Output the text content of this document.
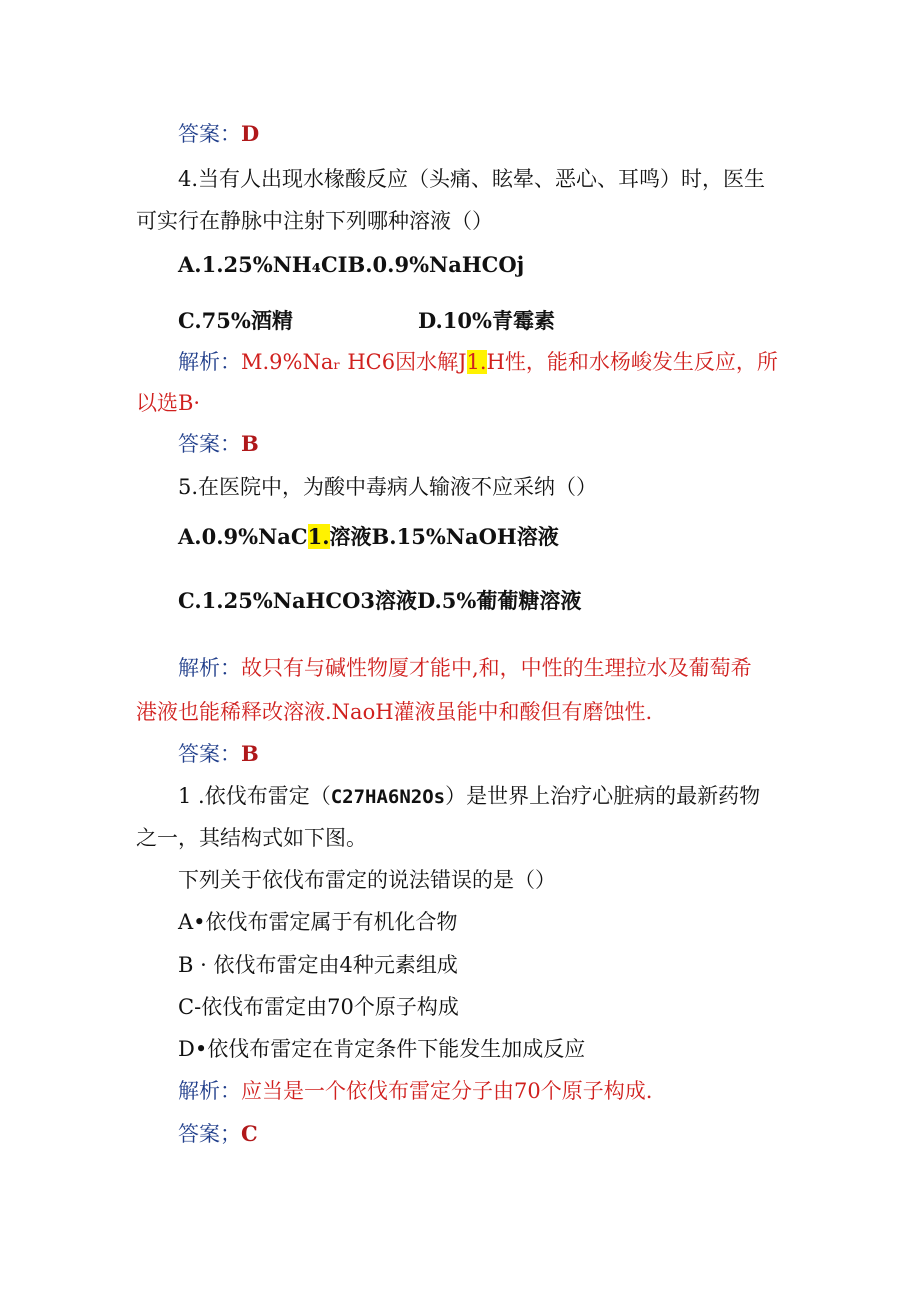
答案：D
4.当有人出现水椽酸反应（头痛、眩晕、恶心、耳鸣）时，医生
可实行在静脉中注射下列哪种溶液（）
A.1.25%NH₄CIB.0.9%NaHCOj
C.75%酒精	D.10%青霉素
解析：M.9%Naᵣ HC6因水解J1.H性，能和水杨峻发生反应，所
以选B·
答案：B
5.在医院中，为酸中毒病人输液不应采纳（）
A.0.9%NaC1.溶液B.15%NaOH溶液
C.1.25%NaHCO3溶液D.5%葡葡糖溶液
解析：故只有与碱性物厦才能中,和，中性的生理拉水及葡萄希
港液也能稀释改溶液.NaoH灌液虽能中和酸但有磨蚀性.
答案：B
1 .依伐布雷定（C27HA6N2Os）是世界上治疗心脏病的最新药物
之一，其结构式如下图。
下列关于依伐布雷定的说法错误的是（）
A•依伐布雷定属于有机化合物
B · 依伐布雷定由4种元素组成
C-依伐布雷定由70个原子构成
D•依伐布雷定在肯定条件下能发生加成反应
解析：应当是一个依伐布雷定分子由70个原子构成.
答案；C
